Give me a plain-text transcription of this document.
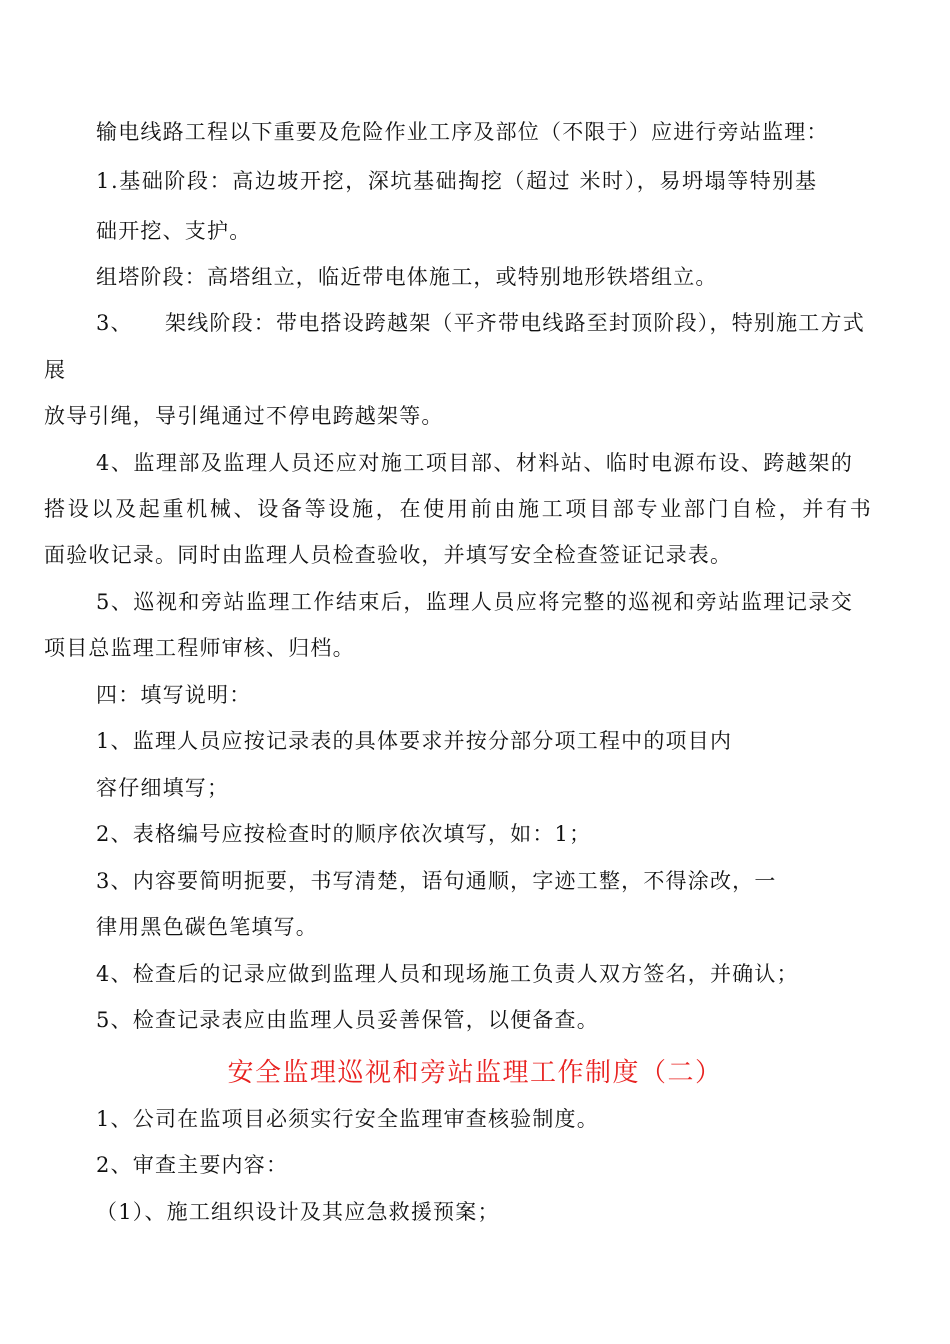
输电线路工程以下重要及危险作业工序及部位（不限于）应进行旁站监理：
1.基础阶段：高边坡开挖，深坑基础掏挖（超过 米时），易坍塌等特别基
础开挖、支护。
组塔阶段：高塔组立，临近带电体施工，或特别地形铁塔组立。
3、 架线阶段：带电搭设跨越架（平齐带电线路至封顶阶段），特别施工方式
展
放导引绳，导引绳通过不停电跨越架等。
4、监理部及监理人员还应对施工项目部、材料站、临时电源布设、跨越架的
搭设以及起重机械、设备等设施，在使用前由施工项目部专业部门自检，并有书
面验收记录。同时由监理人员检查验收，并填写安全检查签证记录表。
5、巡视和旁站监理工作结束后，监理人员应将完整的巡视和旁站监理记录交
项目总监理工程师审核、归档。
四：填写说明：
1、监理人员应按记录表的具体要求并按分部分项工程中的项目内
容仔细填写；
2、表格编号应按检查时的顺序依次填写，如：1；
3、内容要简明扼要，书写清楚，语句通顺，字迹工整，不得涂改，一
律用黑色碳色笔填写。
4、检查后的记录应做到监理人员和现场施工负责人双方签名，并确认；
5、检查记录表应由监理人员妥善保管，以便备查。
安全监理巡视和旁站监理工作制度（二）
1、公司在监项目必须实行安全监理审查核验制度。
2、审查主要内容：
（1）、施工组织设计及其应急救援预案；
